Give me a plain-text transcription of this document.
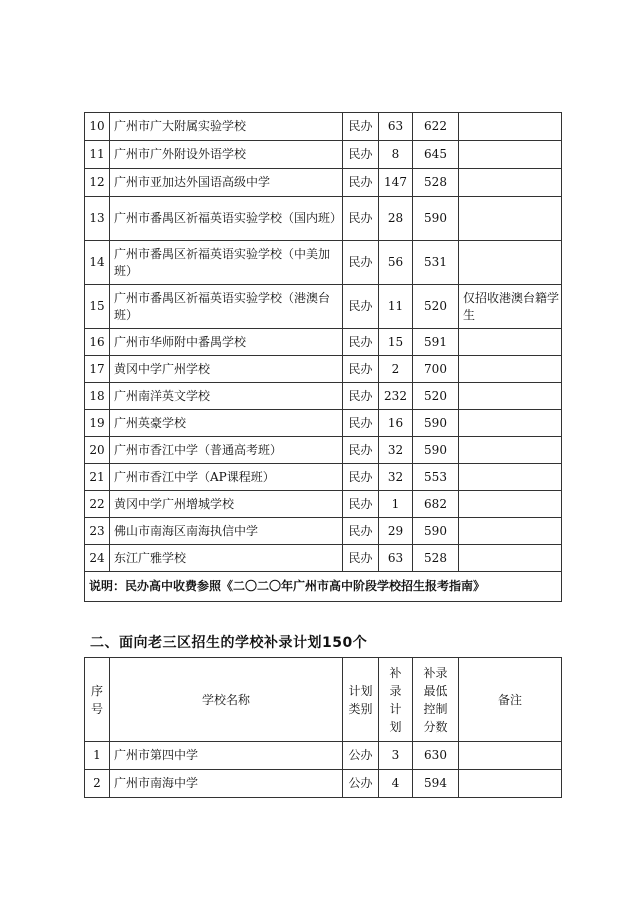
10	广州市广大附属实验学校	民办	63	622	
11	广州市广外附设外语学校	民办	8	645	
12	广州市亚加达外国语高级中学	民办	147	528	
13	广州市番禺区祈福英语实验学校（国内班）	民办	28	590	
14	广州市番禺区祈福英语实验学校（中美加班）	民办	56	531	
15	广州市番禺区祈福英语实验学校（港澳台班）	民办	11	520	仅招收港澳台籍学生
16	广州市华师附中番禺学校	民办	15	591	
17	黄冈中学广州学校	民办	2	700	
18	广州南洋英文学校	民办	232	520	
19	广州英豪学校	民办	16	590	
20	广州市香江中学（普通高考班）	民办	32	590	
21	广州市香江中学（AP课程班）	民办	32	553	
22	黄冈中学广州增城学校	民办	1	682	
23	佛山市南海区南海执信中学	民办	29	590	
24	东江广雅学校	民办	63	528	
说明：民办高中收费参照《二〇二〇年广州市高中阶段学校招生报考指南》					
二、面向老三区招生的学校补录计划150个
序号	学校名称	计划类别	补录计划	补录最低控制分数	备注
1	广州市第四中学	公办	3	630	
2	广州市南海中学	公办	4	594	
